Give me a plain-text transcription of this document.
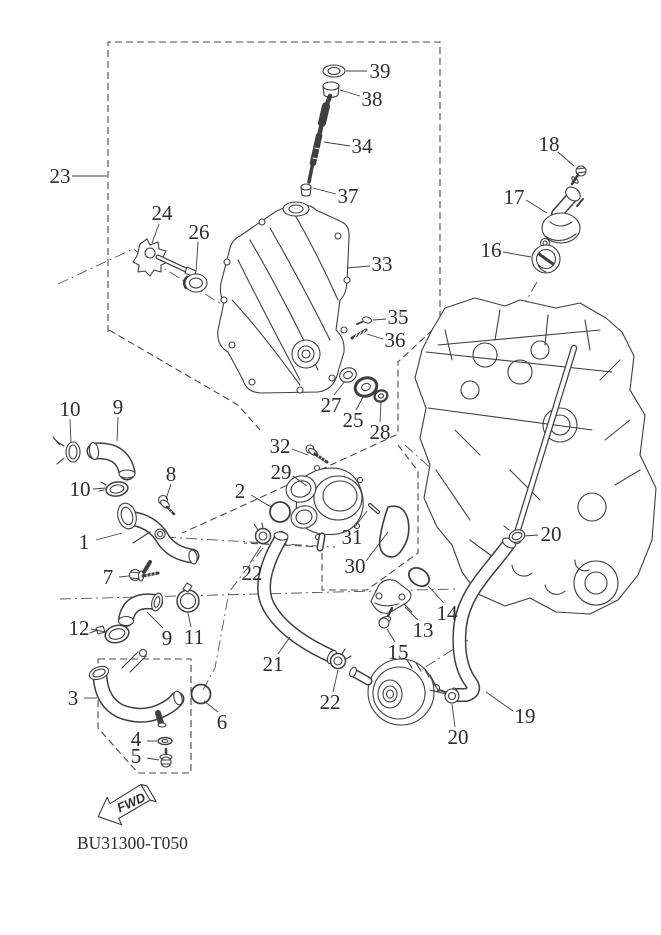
FWD
BU31300-T050
1
2
3
4
5
6
7
8
9
9
10
10
11
12	13
14
15
16
17
18
19
20
20
21
22
22
23
24
25
26
27
28
29
30
31
32
33
34
35
36
37
38
39
